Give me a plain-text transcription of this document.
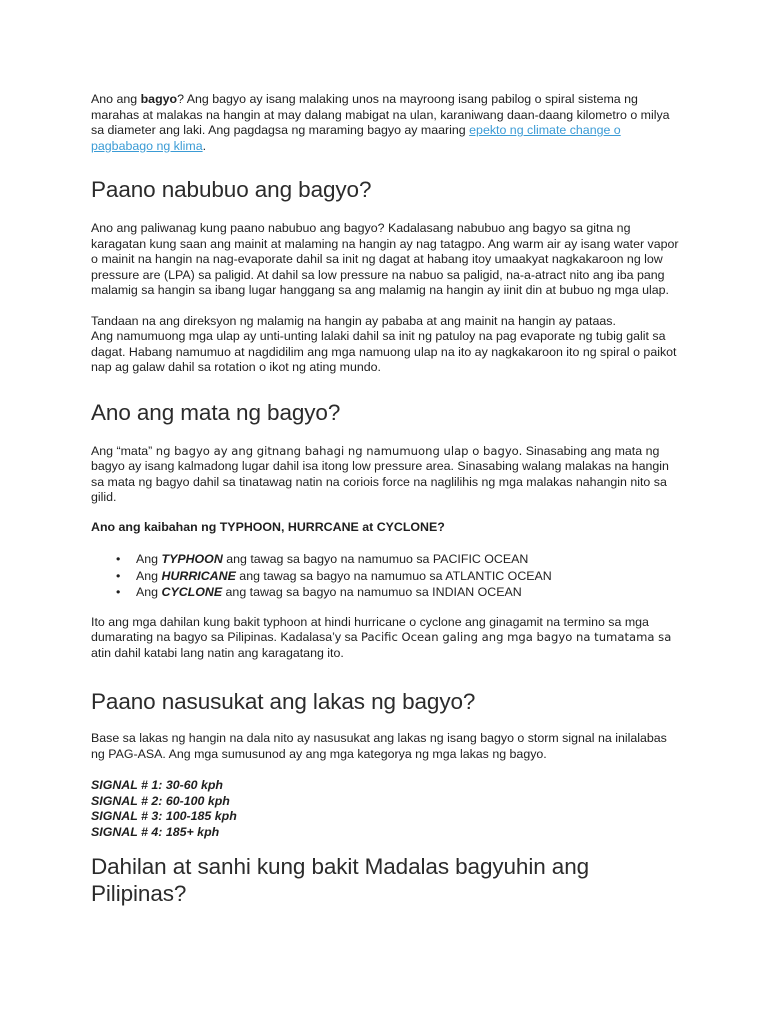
Ano ang bagyo? Ang bagyo ay isang malaking unos na mayroong isang pabilog o spiral sistema ng marahas at malakas na hangin at may dalang mabigat na ulan, karaniwang daan-daang kilometro o milya sa diameter ang laki. Ang pagdagsa ng maraming bagyo ay maaring epekto ng climate change o pagbabago ng klima.

Paano nabubuo ang bagyo?

Ano ang paliwanag kung paano nabubuo ang bagyo? Kadalasang nabubuo ang bagyo sa gitna ng karagatan kung saan ang mainit at malaming na hangin ay nag tatagpo. Ang warm air ay isang water vapor o mainit na hangin na nag-evaporate dahil sa init ng dagat at habang itoy umaakyat nagkakaroon ng low pressure are (LPA) sa paligid. At dahil sa low pressure na nabuo sa paligid, na-a-atract nito ang iba pang malamig sa hangin sa ibang lugar hanggang sa ang malamig na hangin ay iinit din at bubuo ng mga ulap.

Tandaan na ang direksyon ng malamig na hangin ay pababa at ang mainit na hangin ay pataas.
Ang namumuong mga ulap ay unti-unting lalaki dahil sa init ng patuloy na pag evaporate ng tubig galit sa dagat. Habang namumuo at nagdidilim ang mga namuong ulap na ito ay nagkakaroon ito ng spiral o paikot nap ag galaw dahil sa rotation o ikot ng ating mundo.

Ano ang mata ng bagyo?

Ang “mata” ng bagyo ay ang gitnang bahagi ng namumuong ulap o bagyo. Sinasabing ang mata ng bagyo ay isang kalmadong lugar dahil isa itong low pressure area. Sinasabing walang malakas na hangin sa mata ng bagyo dahil sa tinatawag natin na coriois force na naglilihis ng mga malakas nahangin nito sa gilid.

Ano ang kaibahan ng TYPHOON, HURRCANE at CYCLONE?

• Ang TYPHOON ang tawag sa bagyo na namumuo sa PACIFIC OCEAN
• Ang HURRICANE ang tawag sa bagyo na namumuo sa ATLANTIC OCEAN
• Ang CYCLONE ang tawag sa bagyo na namumuo sa INDIAN OCEAN

Ito ang mga dahilan kung bakit typhoon at hindi hurricane o cyclone ang ginagamit na termino sa mga dumarating na bagyo sa Pilipinas. Kadalasa’y sa Pacific Ocean galing ang mga bagyo na tumatama sa atin dahil katabi lang natin ang karagatang ito.

Paano nasusukat ang lakas ng bagyo?

Base sa lakas ng hangin na dala nito ay nasusukat ang lakas ng isang bagyo o storm signal na inilalabas ng PAG-ASA. Ang mga sumusunod ay ang mga kategorya ng mga lakas ng bagyo.

SIGNAL # 1: 30-60 kph
SIGNAL # 2: 60-100 kph
SIGNAL # 3: 100-185 kph
SIGNAL # 4: 185+ kph
Dahilan at sanhi kung bakit Madalas bagyuhin ang Pilipinas?
